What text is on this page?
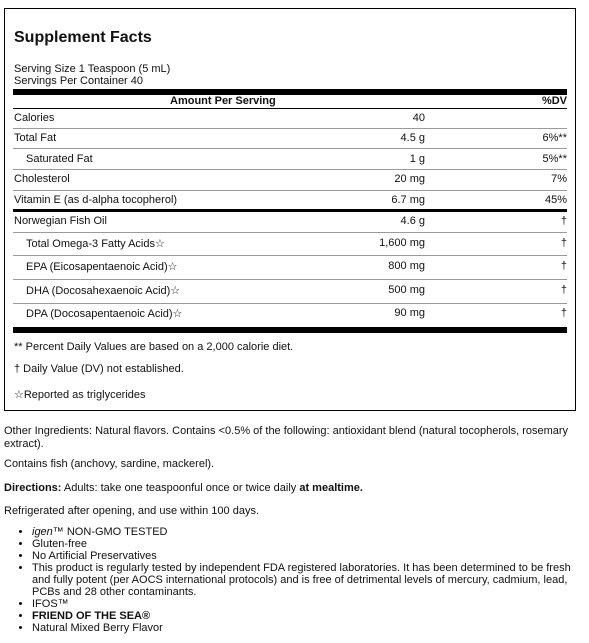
Supplement Facts
Serving Size 1 Teaspoon (5 mL)
Servings Per Container 40
Amount Per Serving	%DV
Calories	40
Total Fat	4.5 g	6%**
Saturated Fat	1 g	5%**
Cholesterol	20 mg	7%
Vitamin E (as d-alpha tocopherol)	6.7 mg	45%
Norwegian Fish Oil	4.6 g	†
Total Omega-3 Fatty Acids☆	1,600 mg	†
EPA (Eicosapentaenoic Acid)☆	800 mg	†
DHA (Docosahexaenoic Acid)☆	500 mg	†
DPA (Docosapentaenoic Acid)☆	90 mg	†
** Percent Daily Values are based on a 2,000 calorie diet.
† Daily Value (DV) not established.
☆Reported as triglycerides
Other Ingredients: Natural flavors. Contains <0.5% of the following: antioxidant blend (natural tocopherols, rosemary extract).
Contains fish (anchovy, sardine, mackerel).
Directions: Adults: take one teaspoonful once or twice daily at mealtime.
Refrigerated after opening, and use within 100 days.
• igen™ NON-GMO TESTED
• Gluten-free
• No Artificial Preservatives
• This product is regularly tested by independent FDA registered laboratories. It has been determined to be fresh and fully potent (per AOCS international protocols) and is free of detrimental levels of mercury, cadmium, lead, PCBs and 28 other contaminants.
• IFOS™
• FRIEND OF THE SEA®
• Natural Mixed Berry Flavor
